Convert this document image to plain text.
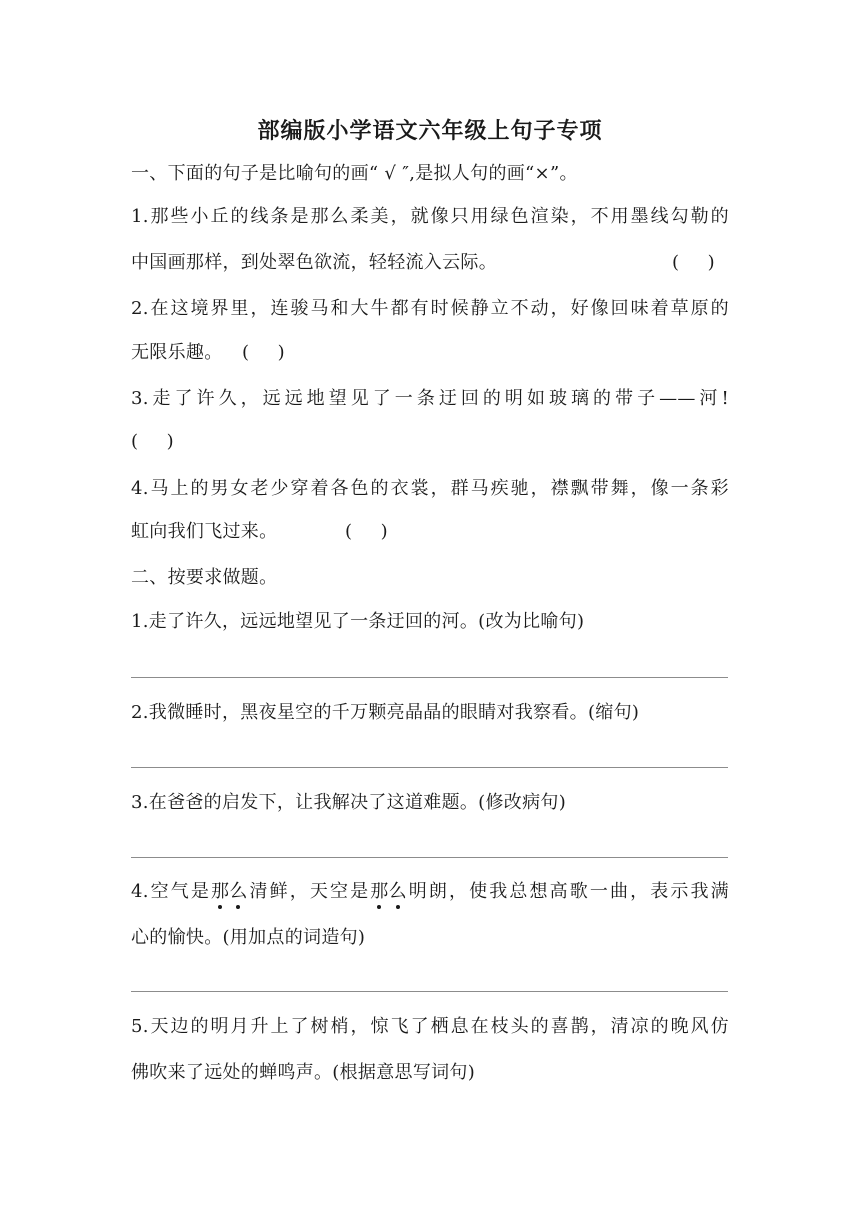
部编版小学语文六年级上句子专项
一、下面的句子是比喻句的画“ √ ″,是拟人句的画“×”。
1.那些小丘的线条是那么柔美，就像只用绿色渲染，不用墨线勾勒的
中国画那样，到处翠色欲流，轻轻流入云际。	(     )
2.在这境界里，连骏马和大牛都有时候静立不动，好像回味着草原的
无限乐趣。 (     )
3.走了许久，远远地望见了一条迂回的明如玻璃的带子——河!
(     )
4.马上的男女老少穿着各色的衣裳，群马疾驰，襟飘带舞，像一条彩
虹向我们飞过来。	(     )
二、按要求做题。
1.走了许久，远远地望见了一条迂回的河。(改为比喻句)
2.我微睡时，黑夜星空的千万颗亮晶晶的眼睛对我察看。(缩句)
3.在爸爸的启发下，让我解决了这道难题。(修改病句)
4.空气是那么清鲜，天空是那么明朗，使我总想高歌一曲，表示我满
心的愉快。(用加点的词造句)
5.天边的明月升上了树梢，惊飞了栖息在枝头的喜鹊，清凉的晚风仿
佛吹来了远处的蝉鸣声。(根据意思写词句)
